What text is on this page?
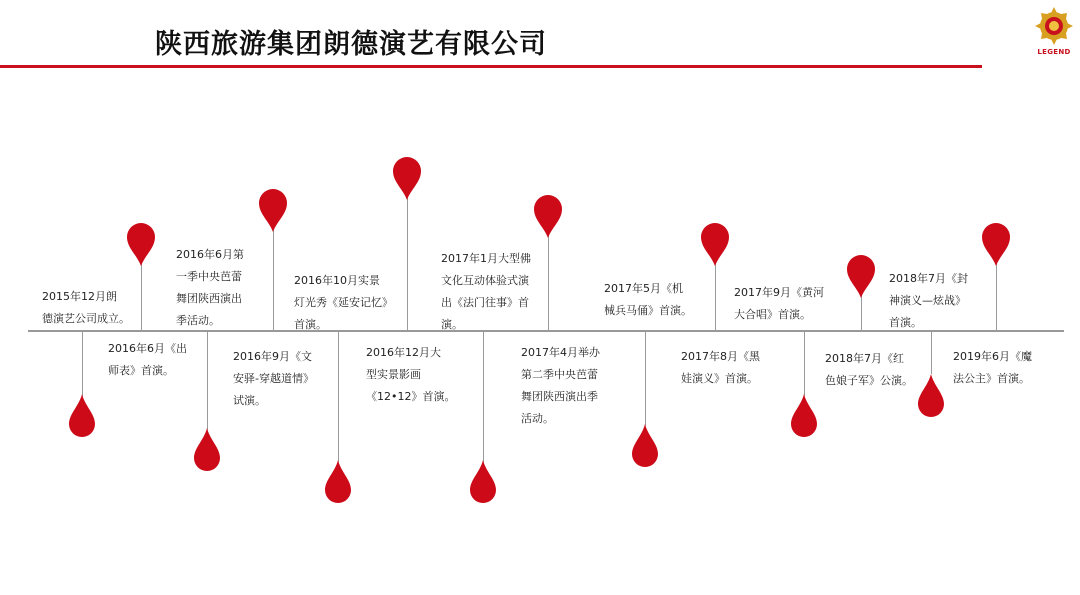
陕西旅游集团朗德演艺有限公司	LEGEND
2015年12月朗
德演艺公司成立。
2016年6月《出
师表》首演。
2016年6月第
一季中央芭蕾
舞团陕西演出
季活动。
2016年9月《文
安驿-穿越道情》
试演。
2016年10月实景
灯光秀《延安记忆》
首演。
2016年12月大
型实景影画
《12•12》首演。
2017年1月大型佛
文化互动体验式演
出《法门往事》首
演。
2017年4月举办
第二季中央芭蕾
舞团陕西演出季
活动。
2017年5月《机
械兵马俑》首演。
2017年8月《黑
娃演义》首演。
2017年9月《黄河
大合唱》首演。
2018年7月《红
色娘子军》公演。
2018年7月《封
神演义—炫战》
首演。
2019年6月《魔
法公主》首演。
